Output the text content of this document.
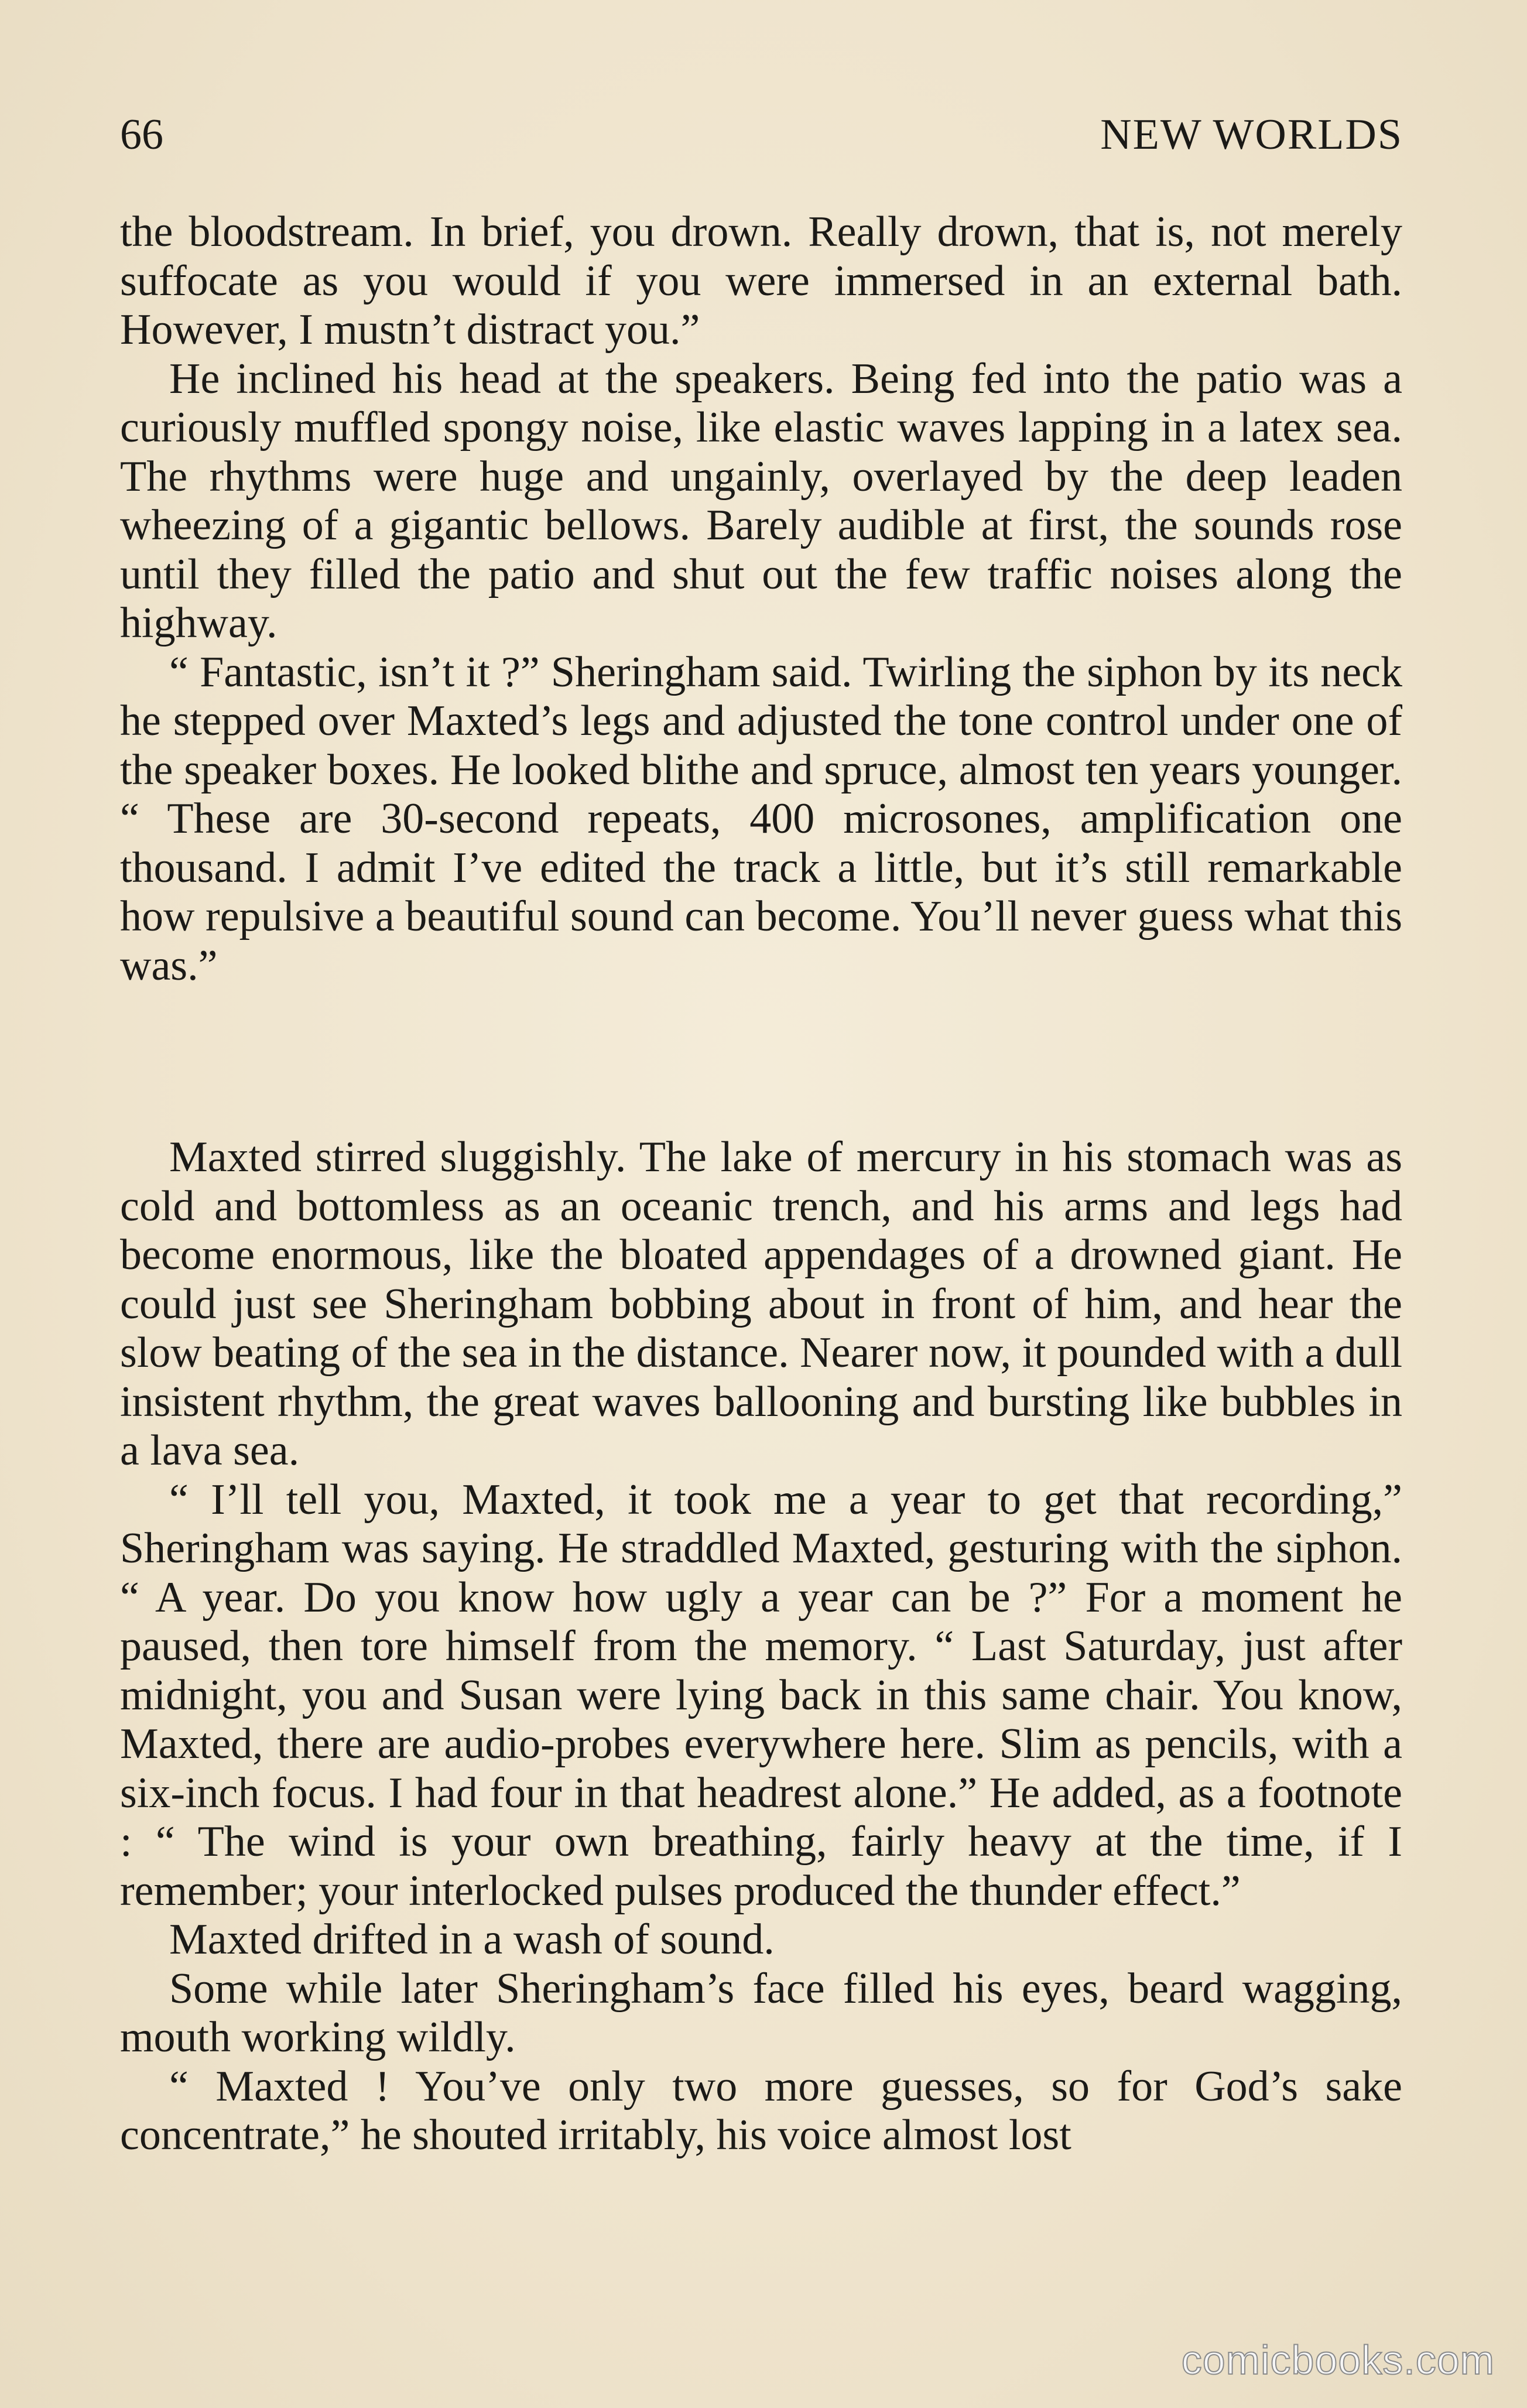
66	NEW WORLDS

the bloodstream. In brief, you drown. Really drown, that is, not merely suffocate as you would if you were immersed in an external bath. However, I mustn’t distract you.”

He inclined his head at the speakers. Being fed into the patio was a curiously muffled spongy noise, like elastic waves lapping in a latex sea. The rhythms were huge and ungainly, overlayed by the deep leaden wheezing of a gigantic bellows. Barely audible at first, the sounds rose until they filled the patio and shut out the few traffic noises along the highway.

“ Fantastic, isn’t it ?” Sheringham said. Twirling the siphon by its neck he stepped over Maxted’s legs and adjusted the tone control under one of the speaker boxes. He looked blithe and spruce, almost ten years younger. “ These are 30-second repeats, 400 microsones, amplification one thousand. I admit I’ve edited the track a little, but it’s still remarkable how repulsive a beautiful sound can become. You’ll never guess what this was.”

Maxted stirred sluggishly. The lake of mercury in his stomach was as cold and bottomless as an oceanic trench, and his arms and legs had become enormous, like the bloated appendages of a drowned giant. He could just see Sheringham bobbing about in front of him, and hear the slow beating of the sea in the distance. Nearer now, it pounded with a dull insistent rhythm, the great waves ballooning and bursting like bubbles in a lava sea.

“ I’ll tell you, Maxted, it took me a year to get that recording,” Sheringham was saying. He straddled Maxted, gesturing with the siphon. “ A year. Do you know how ugly a year can be ?” For a moment he paused, then tore himself from the memory. “ Last Saturday, just after midnight, you and Susan were lying back in this same chair. You know, Maxted, there are audio-probes everywhere here. Slim as pencils, with a six-inch focus. I had four in that headrest alone.” He added, as a footnote : “ The wind is your own breathing, fairly heavy at the time, if I remember; your interlocked pulses produced the thunder effect.”

Maxted drifted in a wash of sound.

Some while later Sheringham’s face filled his eyes, beard wagging, mouth working wildly.

“ Maxted ! You’ve only two more guesses, so for God’s sake concentrate,” he shouted irritably, his voice almost lost

comicbooks.com
